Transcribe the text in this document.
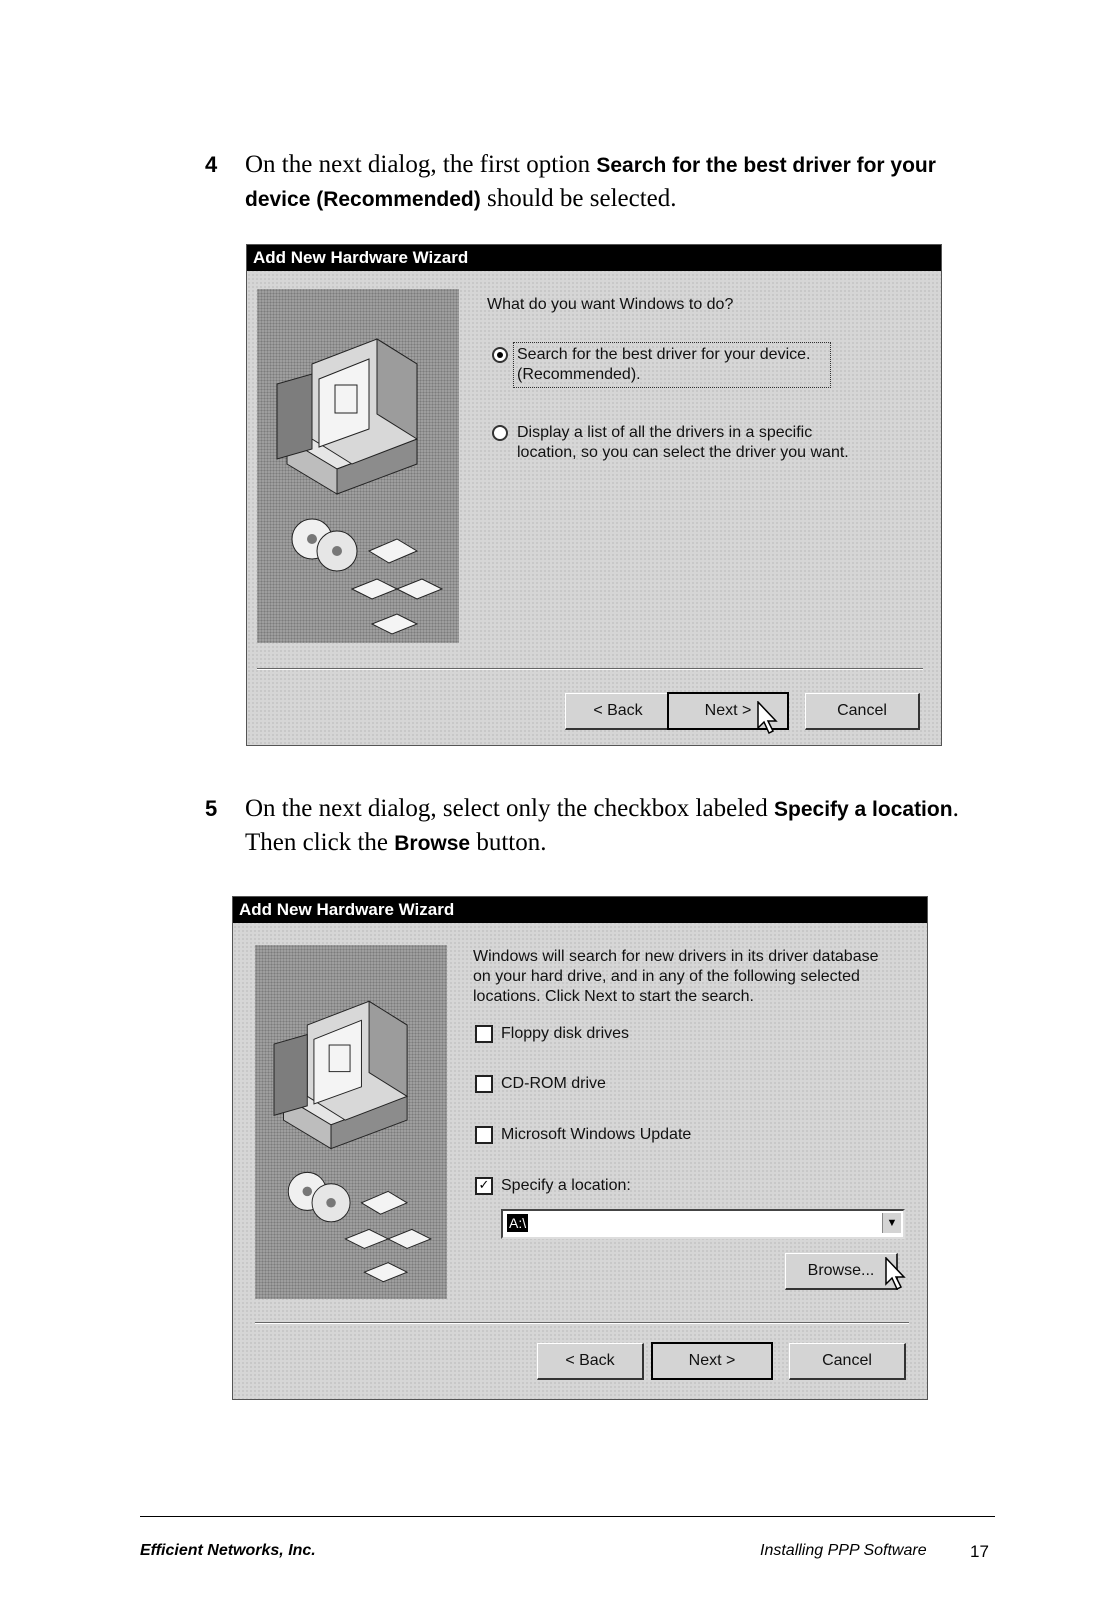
4 On the next dialog, the first option Search for the best driver for your device (Recommended) should be selected.
Add New Hardware Wizard
What do you want Windows to do?
Search for the best driver for your device.
(Recommended).
Display a list of all the drivers in a specific
location, so you can select the driver you want.
< Back	Next >	Cancel
5 On the next dialog, select only the checkbox labeled Specify a location. Then click the Browse button.
Add New Hardware Wizard
Windows will search for new drivers in its driver database
on your hard drive, and in any of the following selected
locations. Click Next to start the search.
Floppy disk drives
CD-ROM drive
Microsoft Windows Update
✓ Specify a location:
A:\	▼
Browse...
< Back	Next >	Cancel
Efficient Networks, Inc.	Installing PPP Software	17
